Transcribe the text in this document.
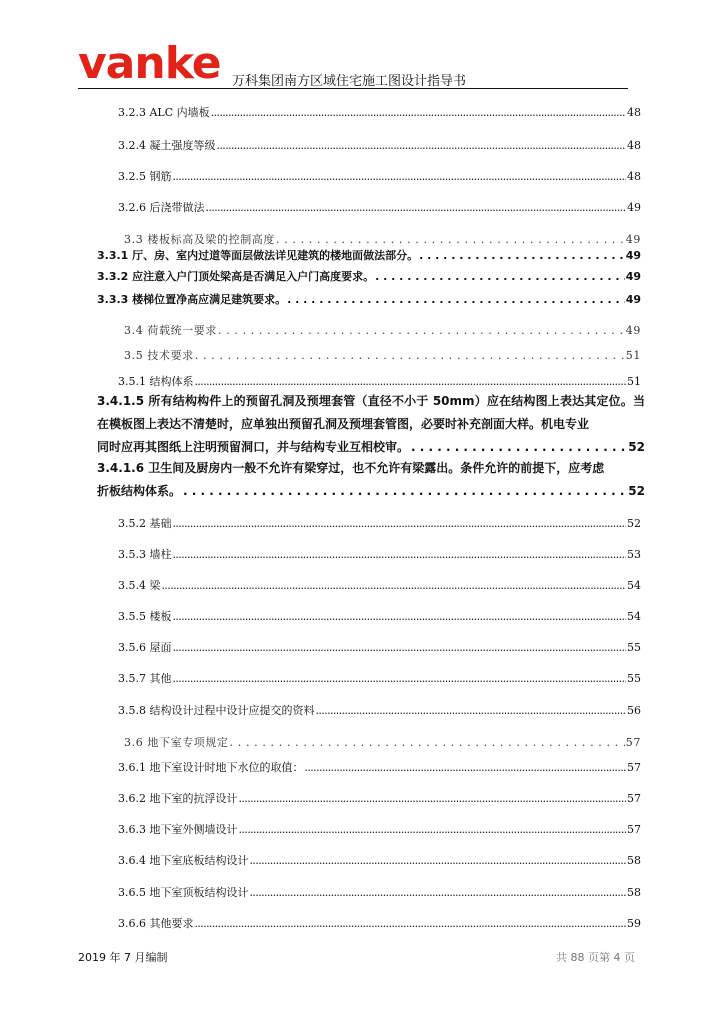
vanke 万科集团南方区域住宅施工图设计指导书
3.2.3 ALC 内墙板 .....	48
3.2.4 凝土强度等级 .....	48
3.2.5 钢筋 .....	48
3.2.6 后浇带做法 .....	49
3.3 楼板标高及梁的控制高度 . . .	49
3.3.1 厅、房、室内过道等面层做法详见建筑的楼地面做法部分。 . . .	49
3.3.2 应注意入户门顶处梁高是否满足入户门高度要求。 . . .	49
3.3.3 楼梯位置净高应满足建筑要求。 . . .	49
3.4 荷载统一要求 . . .	49
3.5 技术要求 . . .	51
3.5.1 结构体系 .....	51
3.4.1.5 所有结构构件上的预留孔洞及预埋套管（直径不小于 50mm）应在结构图上表达其定位。当在模板图上表达不清楚时，应单独出预留孔洞及预埋套管图，必要时补充剖面大样。机电专业
同时应再其图纸上注明预留洞口，并与结构专业互相校审。 . . .	52
3.4.1.6 卫生间及厨房内一般不允许有梁穿过，也不允许有梁露出。条件允许的前提下，应考虑
折板结构体系。 . . .	52
3.5.2 基础 .....	52
3.5.3 墙柱 .....	53
3.5.4 梁 .....	54
3.5.5 楼板 .....	54
3.5.6 屋面 .....	55
3.5.7 其他 .....	55
3.5.8 结构设计过程中设计应提交的资料 .....	56
3.6 地下室专项规定 . . .	57
3.6.1 地下室设计时地下水位的取值： .....	57
3.6.2 地下室的抗浮设计 .....	57
3.6.3 地下室外侧墙设计 .....	57
3.6.4 地下室底板结构设计 .....	58
3.6.5 地下室顶板结构设计 .....	58
3.6.6 其他要求 .....	59
2019 年 7 月编制	共 88 页第 4 页
